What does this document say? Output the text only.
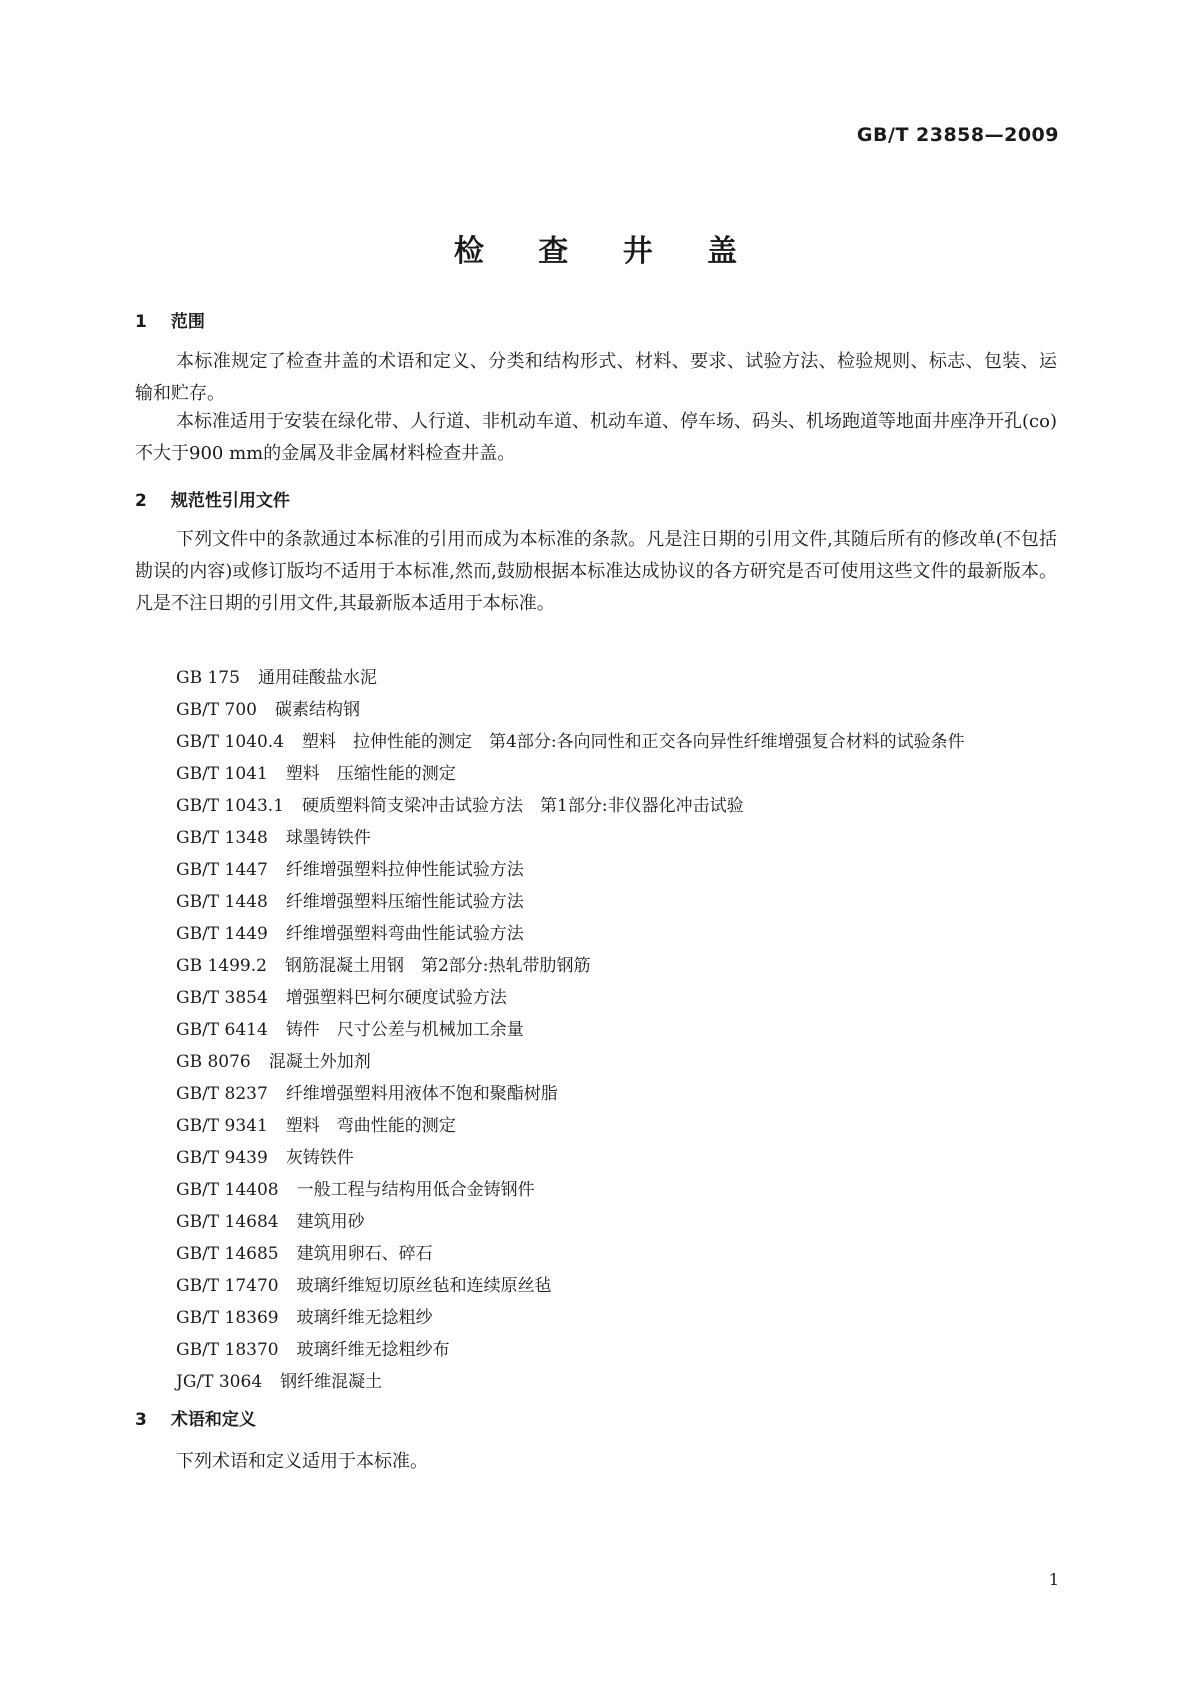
GB/T 23858—2009
检 查 井 盖
1 范围

本标准规定了检查井盖的术语和定义、分类和结构形式、材料、要求、试验方法、检验规则、标志、包装、运输和贮存。

本标准适用于安装在绿化带、人行道、非机动车道、机动车道、停车场、码头、机场跑道等地面井座净开孔(co)不大于900 mm的金属及非金属材料检查井盖。

2 规范性引用文件

下列文件中的条款通过本标准的引用而成为本标准的条款。凡是注日期的引用文件,其随后所有的修改单(不包括勘误的内容)或修订版均不适用于本标准,然而,鼓励根据本标准达成协议的各方研究是否可使用这些文件的最新版本。凡是不注日期的引用文件,其最新版本适用于本标准。

GB 175 通用硅酸盐水泥

GB/T 700 碳素结构钢

GB/T 1040.4 塑料　拉伸性能的测定　第4部分:各向同性和正交各向异性纤维增强复合材料的试验条件

GB/T 1041 塑料　压缩性能的测定

GB/T 1043.1 硬质塑料简支梁冲击试验方法　第1部分:非仪器化冲击试验

GB/T 1348 球墨铸铁件

GB/T 1447 纤维增强塑料拉伸性能试验方法

GB/T 1448 纤维增强塑料压缩性能试验方法

GB/T 1449 纤维增强塑料弯曲性能试验方法

GB 1499.2 钢筋混凝土用钢　第2部分:热轧带肋钢筋

GB/T 3854 增强塑料巴柯尔硬度试验方法

GB/T 6414 铸件　尺寸公差与机械加工余量

GB 8076 混凝土外加剂

GB/T 8237 纤维增强塑料用液体不饱和聚酯树脂

GB/T 9341 塑料　弯曲性能的测定

GB/T 9439 灰铸铁件

GB/T 14408 一般工程与结构用低合金铸钢件

GB/T 14684 建筑用砂

GB/T 14685 建筑用卵石、碎石

GB/T 17470 玻璃纤维短切原丝毡和连续原丝毡

GB/T 18369 玻璃纤维无捻粗纱

GB/T 18370 玻璃纤维无捻粗纱布

JG/T 3064 钢纤维混凝土

3 术语和定义

下列术语和定义适用于本标准。

1
